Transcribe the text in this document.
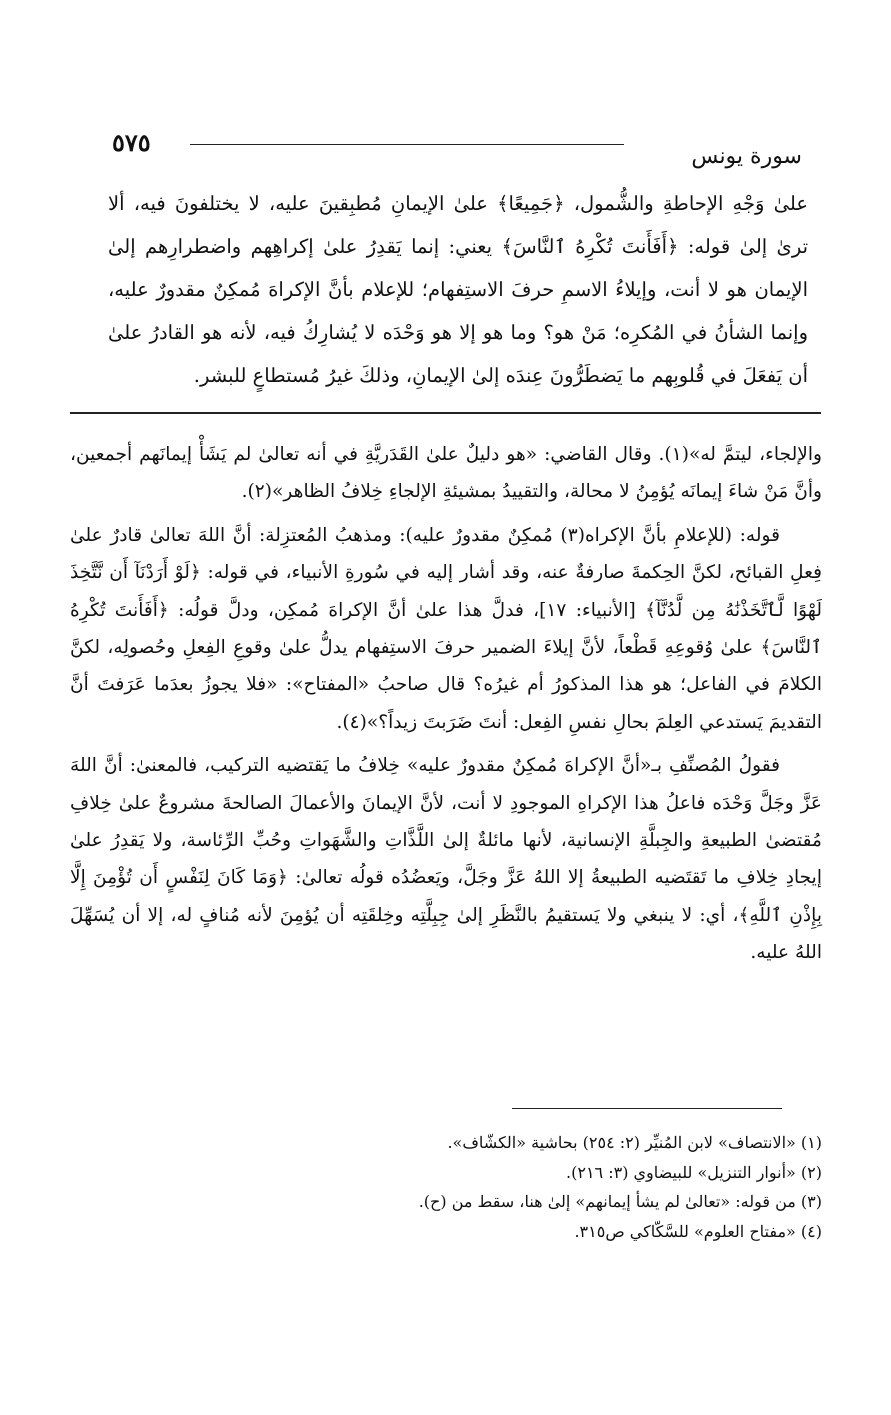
٥٧٥	سورة يونس

علىٰ وَجْهِ الإحاطةِ والشُّمول، ﴿جَمِيعًا﴾ علىٰ الإيمانِ مُطبِقينَ عليه، لا يختلفونَ فيه، ألا ترىٰ إلىٰ قوله: ﴿أَفَأَنتَ تُكْرِهُ ٱلنَّاسَ﴾ يعني: إنما يَقدِرُ علىٰ إكراهِهم واضطرارِهم إلىٰ الإيمان هو لا أنت، وإيلاءُ الاسمِ حرفَ الاستِفهام؛ للإعلام بأنَّ الإكراهَ مُمكِنٌ مقدورٌ عليه، وإنما الشأنُ في المُكرِه؛ مَنْ هو؟ وما هو إلا هو وَحْدَه لا يُشارِكُ فيه، لأنه هو القادرُ علىٰ أن يَفعَلَ في قُلوبِهم ما يَضطَرُّونَ عِندَه إلىٰ الإيمانِ، وذلكَ غيرُ مُستطاعٍ للبشر.

والإلجاء، ليتمَّ له»(١). وقال القاضي: «هو دليلٌ علىٰ القَدَريَّةِ في أنه تعالىٰ لم يَشَأْ إيمانَهم أجمعين، وأنَّ مَنْ شاءَ إيمانَه يُؤمِنُ لا محالة، والتقييدُ بمشيئةِ الإلجاءِ خِلافُ الظاهر»(٢).

قوله: (للإعلامِ بأنَّ الإكراه(٣) مُمكِنٌ مقدورٌ عليه): ومذهبُ المُعتزِلة: أنَّ اللهَ تعالىٰ قادرٌ علىٰ فِعلِ القبائح، لكنَّ الحِكمةَ صارفةٌ عنه، وقد أشار إليه في سُورةِ الأنبياء، في قوله: ﴿لَوْ أَرَدْنَآ أَن نَّتَّخِذَ لَهْوًا لَّٱتَّخَذْنَٰهُ مِن لَّدُنَّآ﴾ [الأنبياء: ١٧]، فدلَّ هذا علىٰ أنَّ الإكراهَ مُمكِن، ودلَّ قولُه: ﴿أَفَأَنتَ تُكْرِهُ ٱلنَّاسَ﴾ علىٰ وُقوعِهِ قَطْعاً، لأنَّ إيلاءَ الضمير حرفَ الاستِفهام يدلُّ علىٰ وقوعِ الفِعلِ وحُصولِه، لكنَّ الكلامَ في الفاعل؛ هو هذا المذكورُ أم غيرُه؟ قال صاحبُ «المفتاح»: «فلا يجوزُ بعدَما عَرَفتَ أنَّ التقديمَ يَستدعي العِلمَ بحالِ نفسِ الفِعل: أنتَ ضَرَبتَ زيداً؟»(٤).

فقولُ المُصنِّفِ بـ«أنَّ الإكراهَ مُمكِنٌ مقدورٌ عليه» خِلافُ ما يَقتضيه التركيب، فالمعنىٰ: أنَّ اللهَ عَزَّ وجَلَّ وَحْدَه فاعلُ هذا الإكراهِ الموجودِ لا أنت، لأنَّ الإيمانَ والأعمالَ الصالحةَ مشروعٌ علىٰ خِلافِ مُقتضىٰ الطبيعةِ والجِبلَّةِ الإنسانية، لأنها مائلةٌ إلىٰ اللَّذَّاتِ والشَّهَواتِ وحُبِّ الرِّئاسة، ولا يَقدِرُ علىٰ إيجادِ خِلافِ ما تَقتَضيه الطبيعةُ إلا اللهُ عَزَّ وجَلَّ، ويَعضُدُه قولُه تعالىٰ: ﴿وَمَا كَانَ لِنَفْسٍ أَن تُؤْمِنَ إِلَّا بِإِذْنِ ٱللَّهِ﴾، أي: لا ينبغي ولا يَستقيمُ بالنَّظَرِ إلىٰ جِبِلَّتِه وخِلقَتِه أن يُؤمِنَ لأنه مُنافٍ له، إلا أن يُسَهِّلَ اللهُ عليه.

(١) «الانتصاف» لابن المُنيِّر (٢: ٢٥٤) بحاشية «الكشّاف».

(٢) «أنوار التنزيل» للبيضاوي (٣: ٢١٦).

(٣) من قوله: «تعالىٰ لم يشأ إيمانهم» إلىٰ هنا، سقط من (ح).

(٤) «مفتاح العلوم» للسَّكّاكي ص٣١٥.
